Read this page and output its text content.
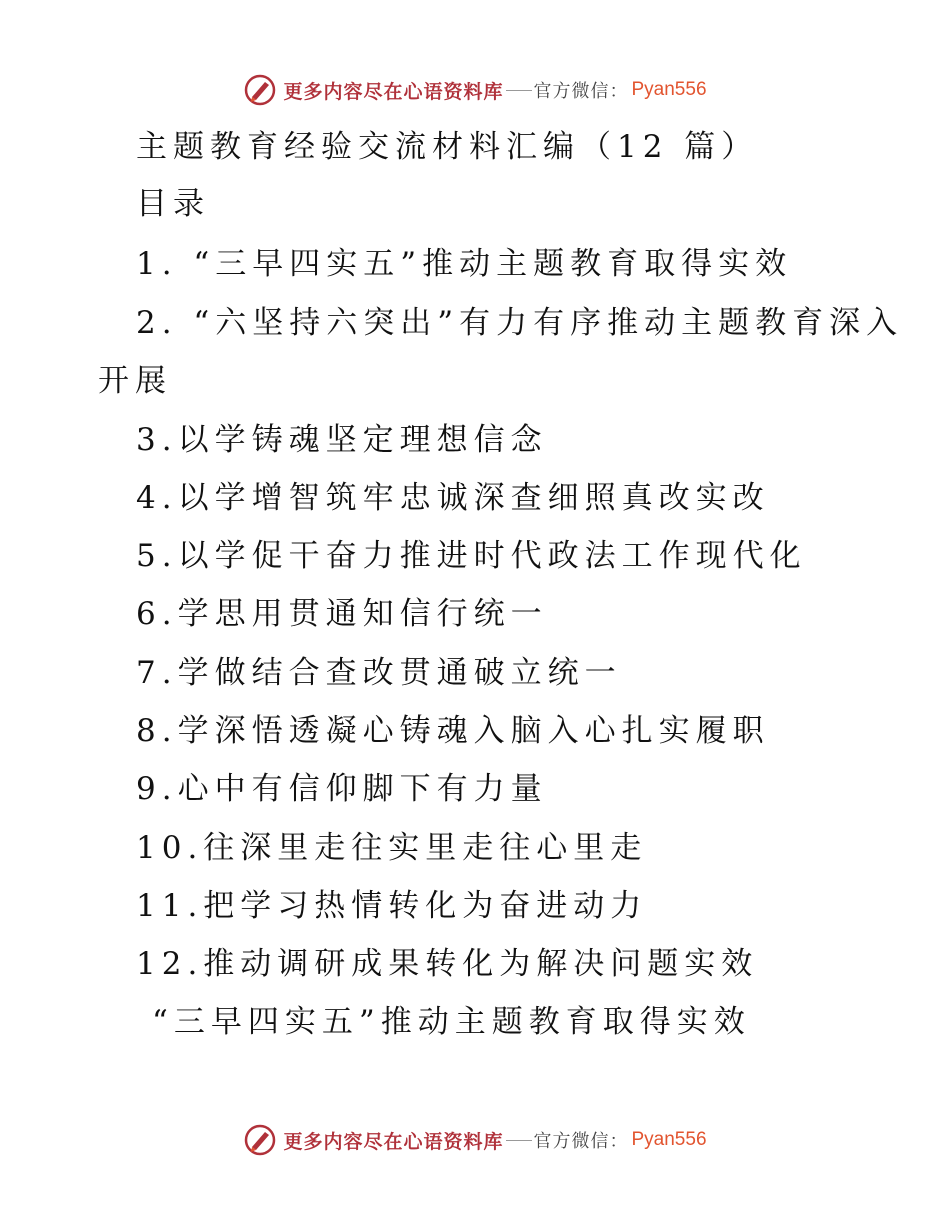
更多内容尽在心语资料库 官方微信 ： Pyan556
主题教育经验交流材料汇编（12 篇）
目录
1. “三早四实五”推动主题教育取得实效
2. “六坚持六突出”有力有序推动主题教育深入
开展
3.以学铸魂坚定理想信念
4.以学增智筑牢忠诚深查细照真改实改
5.以学促干奋力推进时代政法工作现代化
6.学思用贯通知信行统一
7.学做结合查改贯通破立统一
8.学深悟透凝心铸魂入脑入心扎实履职
9.心中有信仰脚下有力量
10.往深里走往实里走往心里走
11.把学习热情转化为奋进动力
12.推动调研成果转化为解决问题实效
“三早四实五”推动主题教育取得实效
更多内容尽在心语资料库 官方微信 ： Pyan556
